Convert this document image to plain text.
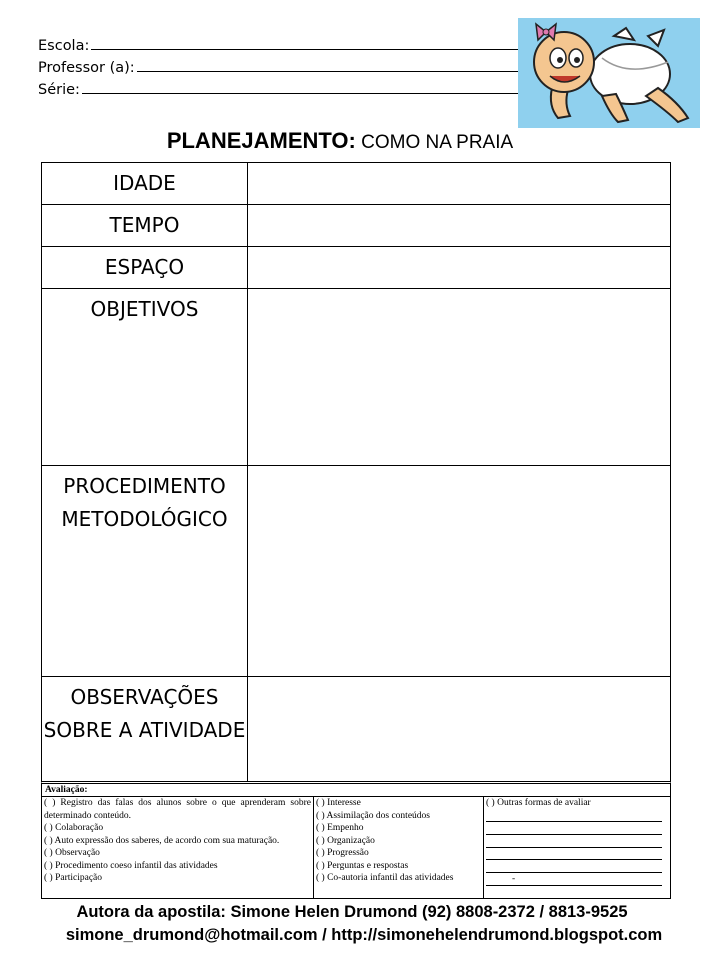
Escola:
Professor (a):
Série:
PLANEJAMENTO: COMO NA PRAIA
IDADE	
TEMPO	
ESPAÇO	
OBJETIVOS	
PROCEDIMENTO METODOLÓGICO	
OBSERVAÇÕES SOBRE A ATIVIDADE	
Avaliação:
( ) Registro das falas dos alunos sobre o que aprenderam sobre determinado conteúdo.
( ) Colaboração
( ) Auto expressão dos saberes, de acordo com sua maturação.
( ) Observação
( ) Procedimento coeso infantil das atividades
( ) Participação
( ) Interesse
( ) Assimilação dos conteúdos
( ) Empenho
( ) Organização
( ) Progressão
( ) Perguntas e respostas
( ) Co-autoria infantil das atividades
( ) Outras formas de avaliar
-
Autora da apostila: Simone Helen Drumond (92) 8808-2372 / 8813-9525
simone_drumond@hotmail.com / http://simonehelendrumond.blogspot.com
